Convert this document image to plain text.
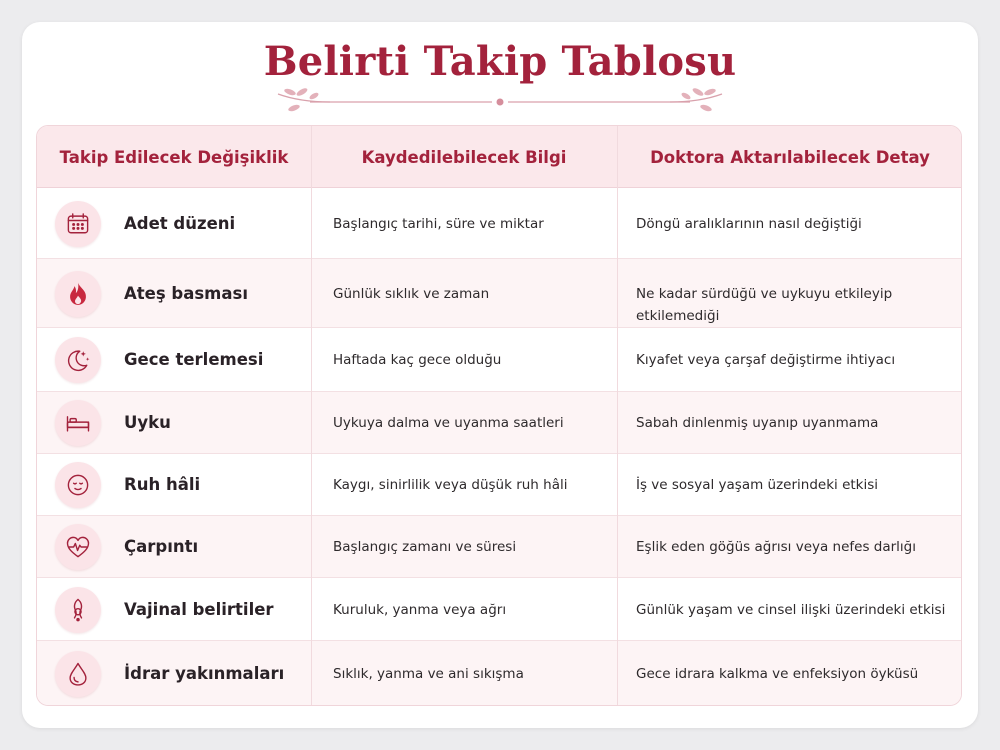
Belirti Takip Tablosu
Takip Edilecek Değişiklik	Kaydedilebilecek Bilgi	Doktora Aktarılabilecek Detay
Adet düzeni	Başlangıç tarihi, süre ve miktar	Döngü aralıklarının nasıl değiştiği
Ateş basması	Günlük sıklık ve zaman	Ne kadar sürdüğü ve uykuyu etkileyip etkilemediği
Gece terlemesi	Haftada kaç gece olduğu	Kıyafet veya çarşaf değiştirme ihtiyacı
Uyku	Uykuya dalma ve uyanma saatleri	Sabah dinlenmiş uyanıp uyanmama
Ruh hâli	Kaygı, sinirlilik veya düşük ruh hâli	İş ve sosyal yaşam üzerindeki etkisi
Çarpıntı	Başlangıç zamanı ve süresi	Eşlik eden göğüs ağrısı veya nefes darlığı
Vajinal belirtiler	Kuruluk, yanma veya ağrı	Günlük yaşam ve cinsel ilişki üzerindeki etkisi
İdrar yakınmaları	Sıklık, yanma ve ani sıkışma	Gece idrara kalkma ve enfeksiyon öyküsü
